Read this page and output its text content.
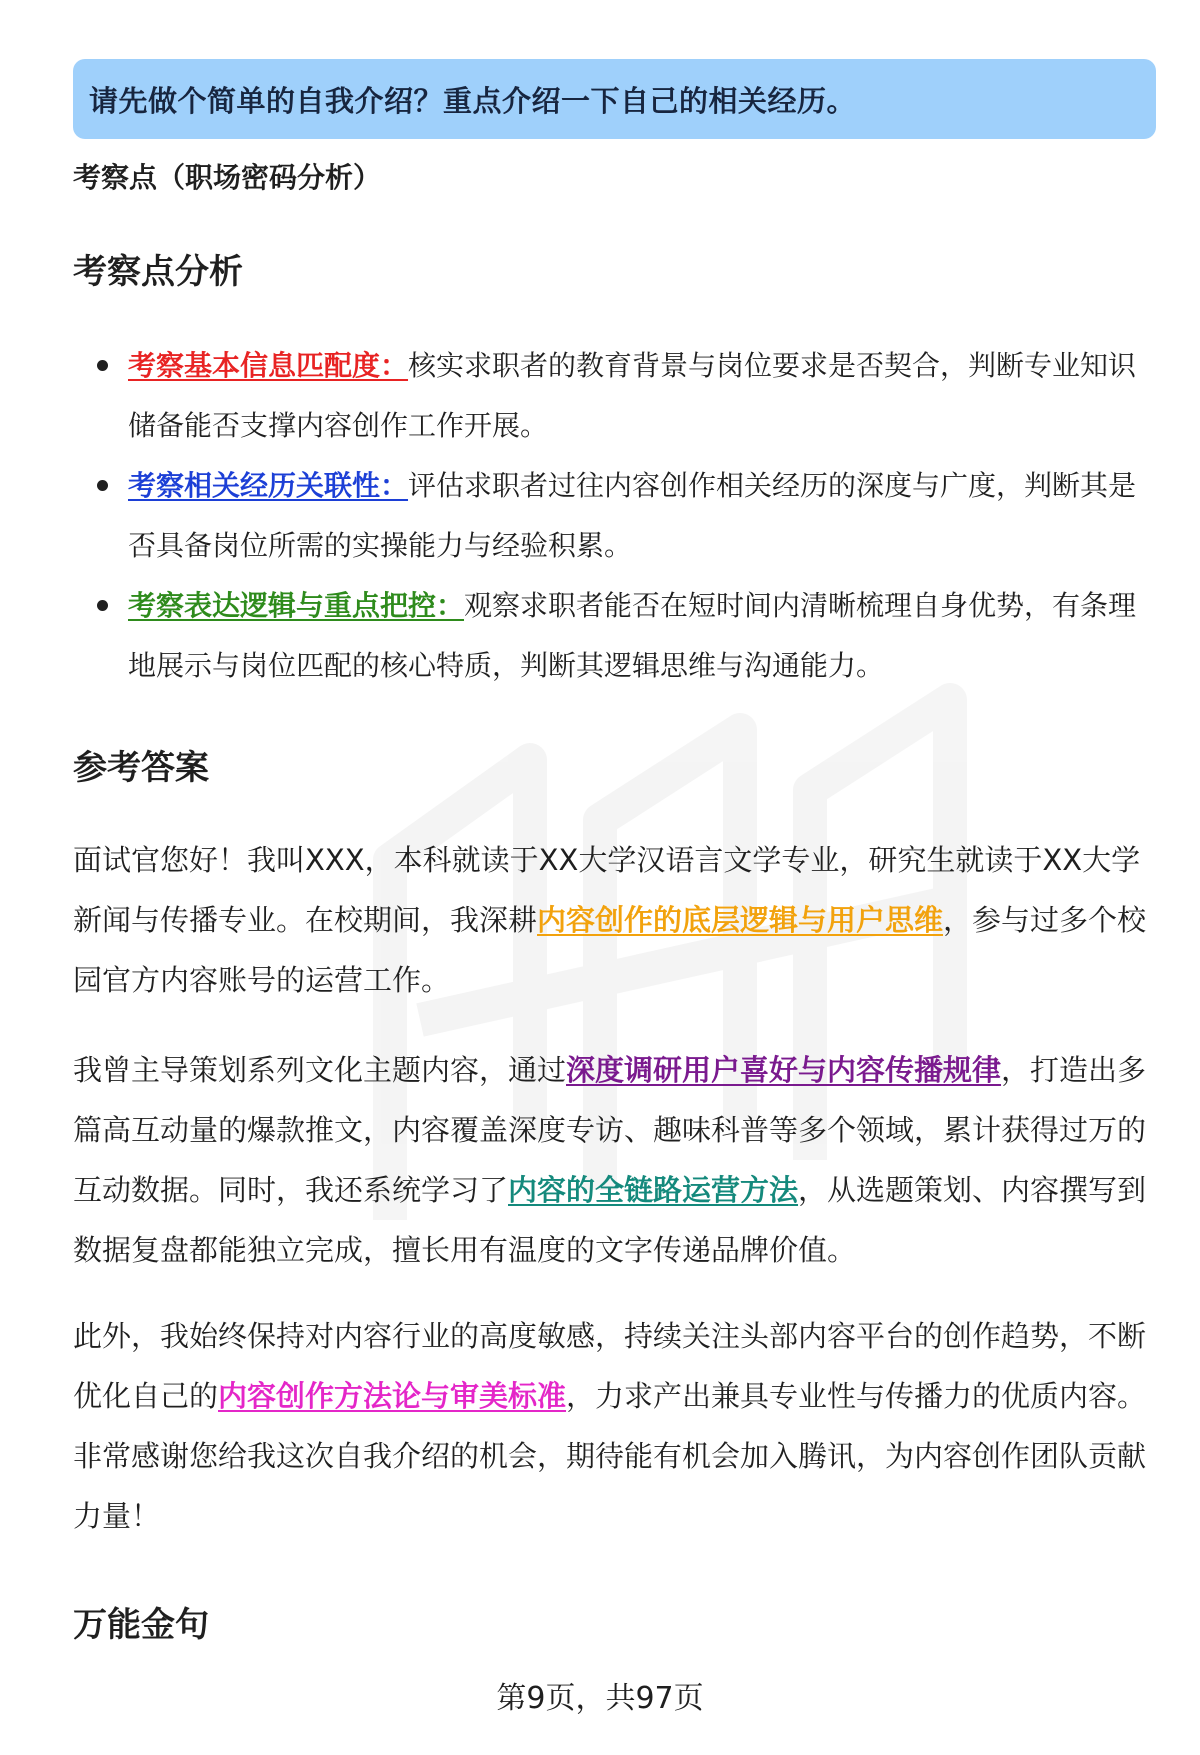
请先做个简单的自我介绍？重点介绍一下自己的相关经历。
考察点（职场密码分析）
考察点分析
考察基本信息匹配度：核实求职者的教育背景与岗位要求是否契合，判断专业知识储备能否支撑内容创作工作开展。
考察相关经历关联性：评估求职者过往内容创作相关经历的深度与广度，判断其是否具备岗位所需的实操能力与经验积累。
考察表达逻辑与重点把控：观察求职者能否在短时间内清晰梳理自身优势，有条理地展示与岗位匹配的核心特质，判断其逻辑思维与沟通能力。
参考答案

面试官您好！我叫XXX，本科就读于XX大学汉语言文学专业，研究生就读于XX大学新闻与传播专业。在校期间，我深耕内容创作的底层逻辑与用户思维，参与过多个校园官方内容账号的运营工作。

我曾主导策划系列文化主题内容，通过深度调研用户喜好与内容传播规律，打造出多篇高互动量的爆款推文，内容覆盖深度专访、趣味科普等多个领域，累计获得过万的互动数据。同时，我还系统学习了内容的全链路运营方法，从选题策划、内容撰写到数据复盘都能独立完成，擅长用有温度的文字传递品牌价值。

此外，我始终保持对内容行业的高度敏感，持续关注头部内容平台的创作趋势，不断优化自己的内容创作方法论与审美标准，力求产出兼具专业性与传播力的优质内容。非常感谢您给我这次自我介绍的机会，期待能有机会加入腾讯，为内容创作团队贡献力量！

万能金句
第9页，共97页
